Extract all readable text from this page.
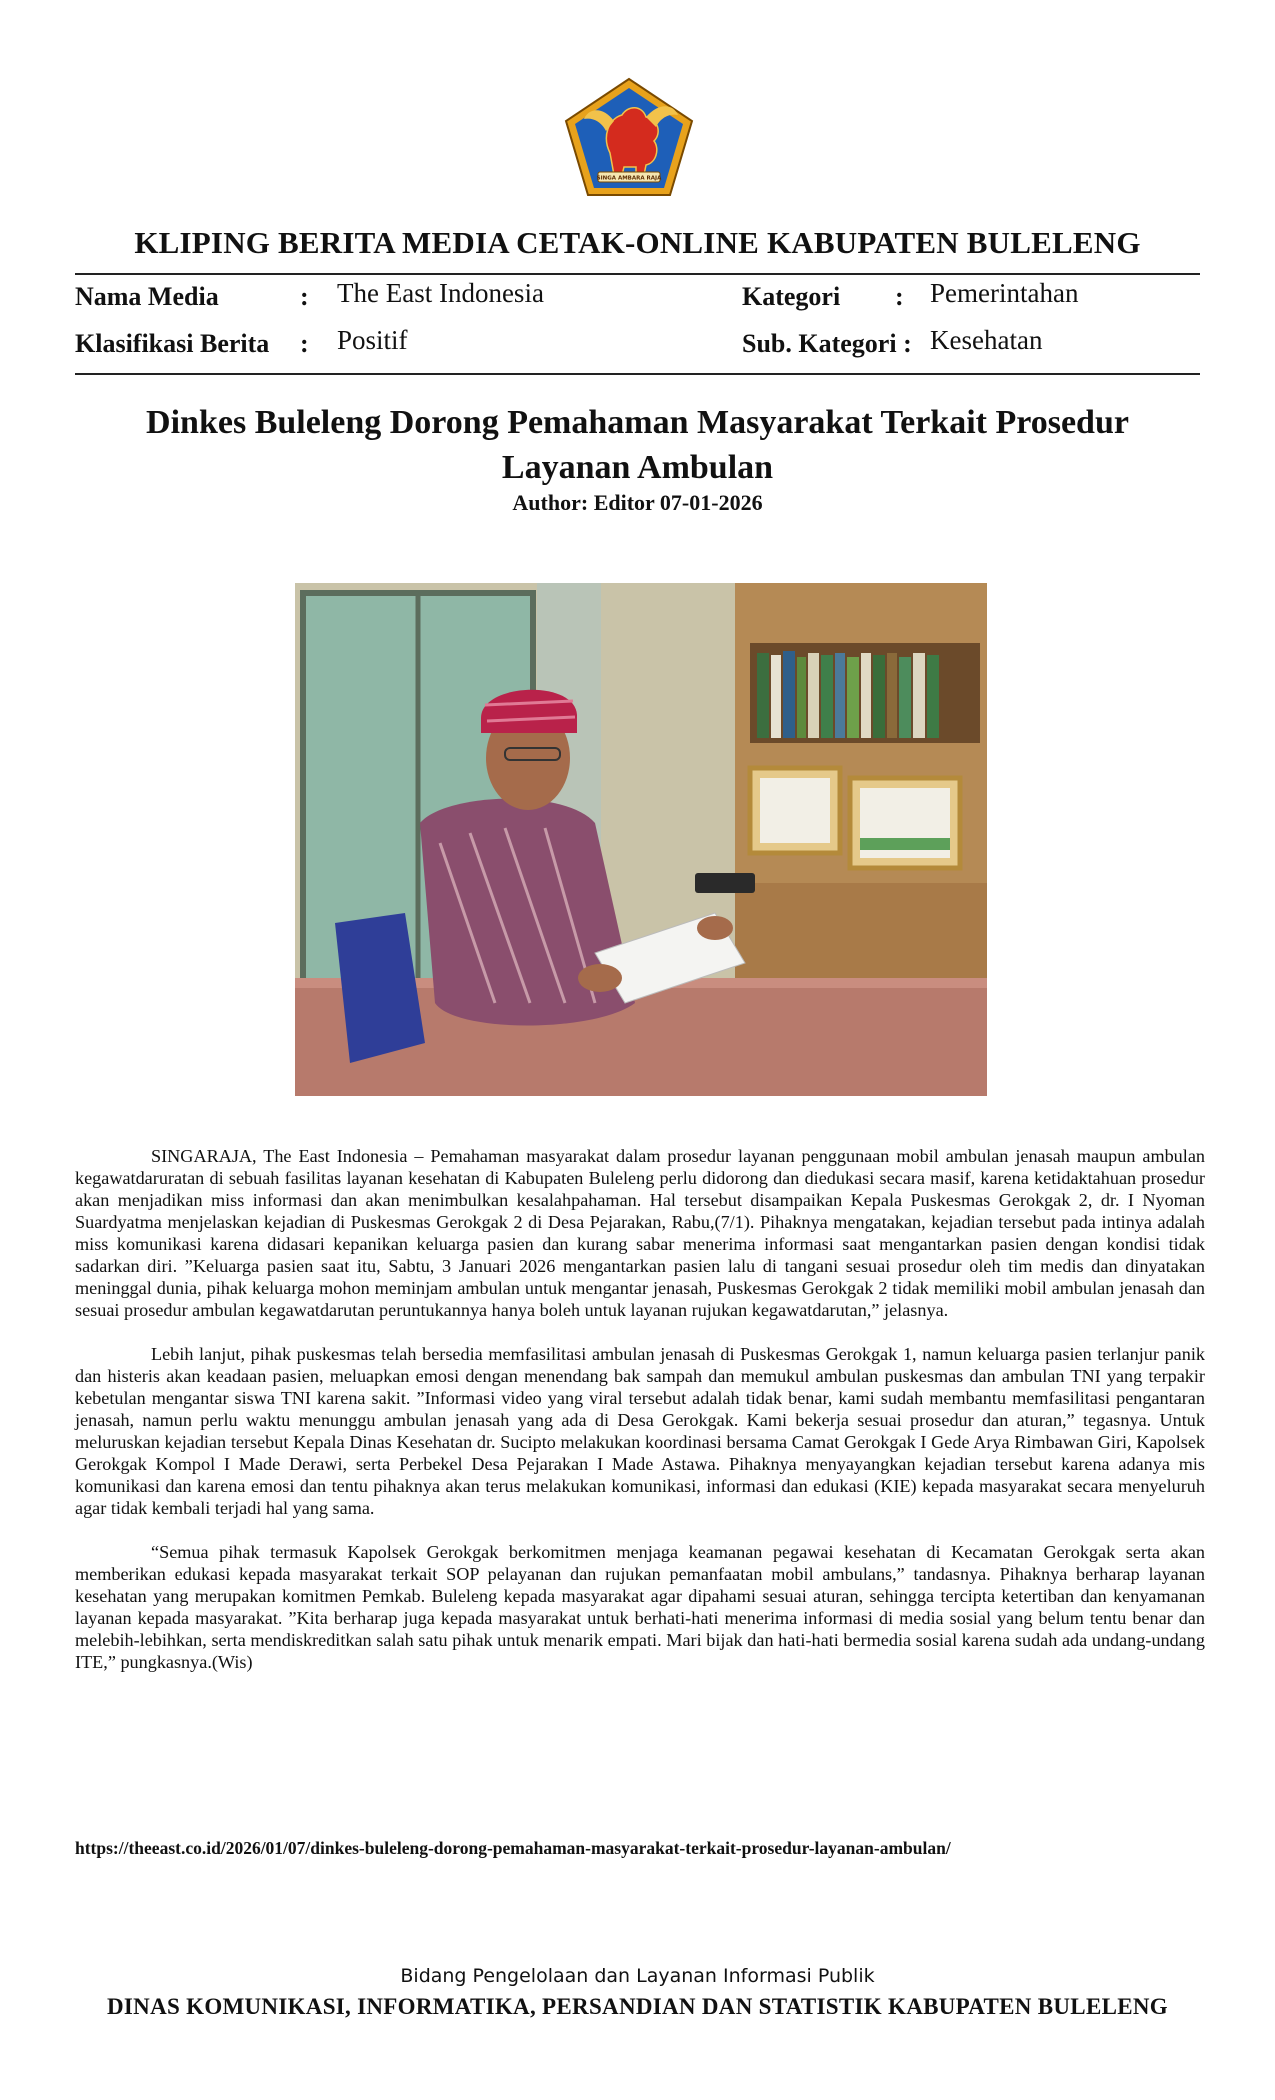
SINGA AMBARA RAJA
KLIPING BERITA MEDIA CETAK-ONLINE KABUPATEN BULELENG
Nama Media	: The East Indonesia	Kategori : Pemerintahan
Klasifikasi Berita : Positif	Sub. Kategori : Kesehatan
Dinkes Buleleng Dorong Pemahaman Masyarakat Terkait Prosedur Layanan Ambulan
Author: Editor 07-01-2026

SINGARAJA, The East Indonesia – Pemahaman masyarakat dalam prosedur layanan penggunaan mobil ambulan jenasah maupun ambulan kegawatdaruratan di sebuah fasilitas layanan kesehatan di Kabupaten Buleleng perlu didorong dan diedukasi secara masif, karena ketidaktahuan prosedur akan menjadikan miss informasi dan akan menimbulkan kesalahpahaman. Hal tersebut disampaikan Kepala Puskesmas Gerokgak 2, dr. I Nyoman Suardyatma menjelaskan kejadian di Puskesmas Gerokgak 2 di Desa Pejarakan, Rabu,(7/1). Pihaknya mengatakan, kejadian tersebut pada intinya adalah miss komunikasi karena didasari kepanikan keluarga pasien dan kurang sabar menerima informasi saat mengantarkan pasien dengan kondisi tidak sadarkan diri. ”Keluarga pasien saat itu, Sabtu, 3 Januari 2026 mengantarkan pasien lalu di tangani sesuai prosedur oleh tim medis dan dinyatakan meninggal dunia, pihak keluarga mohon meminjam ambulan untuk mengantar jenasah, Puskesmas Gerokgak 2 tidak memiliki mobil ambulan jenasah dan sesuai prosedur ambulan kegawatdarutan peruntukannya hanya boleh untuk layanan rujukan kegawatdarutan,” jelasnya.

Lebih lanjut, pihak puskesmas telah bersedia memfasilitasi ambulan jenasah di Puskesmas Gerokgak 1, namun keluarga pasien terlanjur panik dan histeris akan keadaan pasien, meluapkan emosi dengan menendang bak sampah dan memukul ambulan puskesmas dan ambulan TNI yang terpakir kebetulan mengantar siswa TNI karena sakit. ”Informasi video yang viral tersebut adalah tidak benar, kami sudah membantu memfasilitasi pengantaran jenasah, namun perlu waktu menunggu ambulan jenasah yang ada di Desa Gerokgak. Kami bekerja sesuai prosedur dan aturan,” tegasnya. Untuk meluruskan kejadian tersebut Kepala Dinas Kesehatan dr. Sucipto melakukan koordinasi bersama Camat Gerokgak I Gede Arya Rimbawan Giri, Kapolsek Gerokgak Kompol I Made Derawi, serta Perbekel Desa Pejarakan I Made Astawa. Pihaknya menyayangkan kejadian tersebut karena adanya mis komunikasi dan karena emosi dan tentu pihaknya akan terus melakukan komunikasi, informasi dan edukasi (KIE) kepada masyarakat secara menyeluruh agar tidak kembali terjadi hal yang sama.

“Semua pihak termasuk Kapolsek Gerokgak berkomitmen menjaga keamanan pegawai kesehatan di Kecamatan Gerokgak serta akan memberikan edukasi kepada masyarakat terkait SOP pelayanan dan rujukan pemanfaatan mobil ambulans,” tandasnya. Pihaknya berharap layanan kesehatan yang merupakan komitmen Pemkab. Buleleng kepada masyarakat agar dipahami sesuai aturan, sehingga tercipta ketertiban dan kenyamanan layanan kepada masyarakat. ”Kita berharap juga kepada masyarakat untuk berhati-hati menerima informasi di media sosial yang belum tentu benar dan melebih-lebihkan, serta mendiskreditkan salah satu pihak untuk menarik empati. Mari bijak dan hati-hati bermedia sosial karena sudah ada undang-undang ITE,” pungkasnya.(Wis)

https://theeast.co.id/2026/01/07/dinkes-buleleng-dorong-pemahaman-masyarakat-terkait-prosedur-layanan-ambulan/
Bidang Pengelolaan dan Layanan Informasi Publik
DINAS KOMUNIKASI, INFORMATIKA, PERSANDIAN DAN STATISTIK KABUPATEN BULELENG
